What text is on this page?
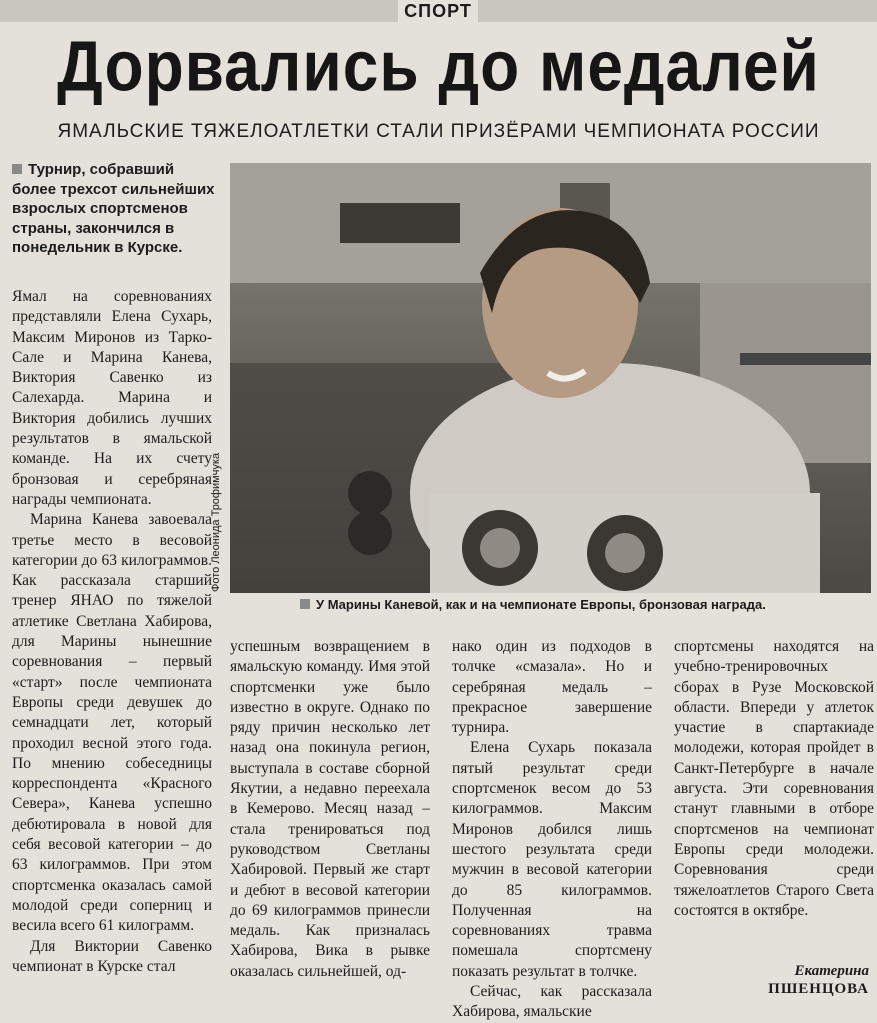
СПОРТ
Дорвались до медалей
ЯМАЛЬСКИЕ ТЯЖЕЛОАТЛЕТКИ СТАЛИ ПРИЗЁРАМИ ЧЕМПИОНАТА РОССИИ
Турнир, собравший более трехсот сильнейших взрослых спортсменов страны, закончился в понедельник в Курске.
Фото Леонида Трофимчука
У Марины Каневой, как и на чемпионате Европы, бронзовая награда.

Ямал на соревнованиях представляли Елена Сухарь, Максим Миронов из Тарко-Сале и Марина Канева, Виктория Савенко из Салехарда. Марина и Виктория добились лучших результатов в ямальской команде. На их счету бронзовая и серебряная награды чемпионата.

Марина Канева завоевала третье место в весовой категории до 63 килограммов. Как рассказала старший тренер ЯНАО по тяжелой атлетике Светлана Хабирова, для Марины нынешние соревнования – первый «старт» после чемпионата Европы среди девушек до семнадцати лет, который проходил весной этого года. По мнению собеседницы корреспондента «Красного Севера», Канева успешно дебютировала в новой для себя весовой категории – до 63 килограммов. При этом спортсменка оказалась самой молодой среди соперниц и весила всего 61 килограмм.

Для Виктории Савенко чемпионат в Курске стал

успешным возвращением в ямальскую команду. Имя этой спортсменки уже было известно в округе. Однако по ряду причин несколько лет назад она покинула регион, выступала в составе сборной Якутии, а недавно переехала в Кемерово. Месяц назад – стала тренироваться под руководством Светланы Хабировой. Первый же старт и дебют в весовой категории до 69 килограммов принесли медаль. Как призналась Хабирова, Вика в рывке оказалась сильнейшей, од-

нако один из подходов в толчке «смазала». Но и серебряная медаль – прекрасное завершение турнира.

Елена Сухарь показала пятый результат среди спортсменок весом до 53 килограммов. Максим Миронов добился лишь шестого результата среди мужчин в весовой категории до 85 килограммов. Полученная на соревнованиях травма помешала спортсмену показать результат в толчке.

Сейчас, как рассказала Хабирова, ямальские

спортсмены находятся на учебно-тренировочных сборах в Рузе Московской области. Впереди у атлеток участие в спартакиаде молодежи, которая пройдет в Санкт-Петербурге в начале августа. Эти соревнования станут главными в отборе спортсменов на чемпионат Европы среди молодежи. Соревнования среди тяжелоатлетов Старого Света состоятся в октябре.

Екатерина
ПШЕНЦОВА
